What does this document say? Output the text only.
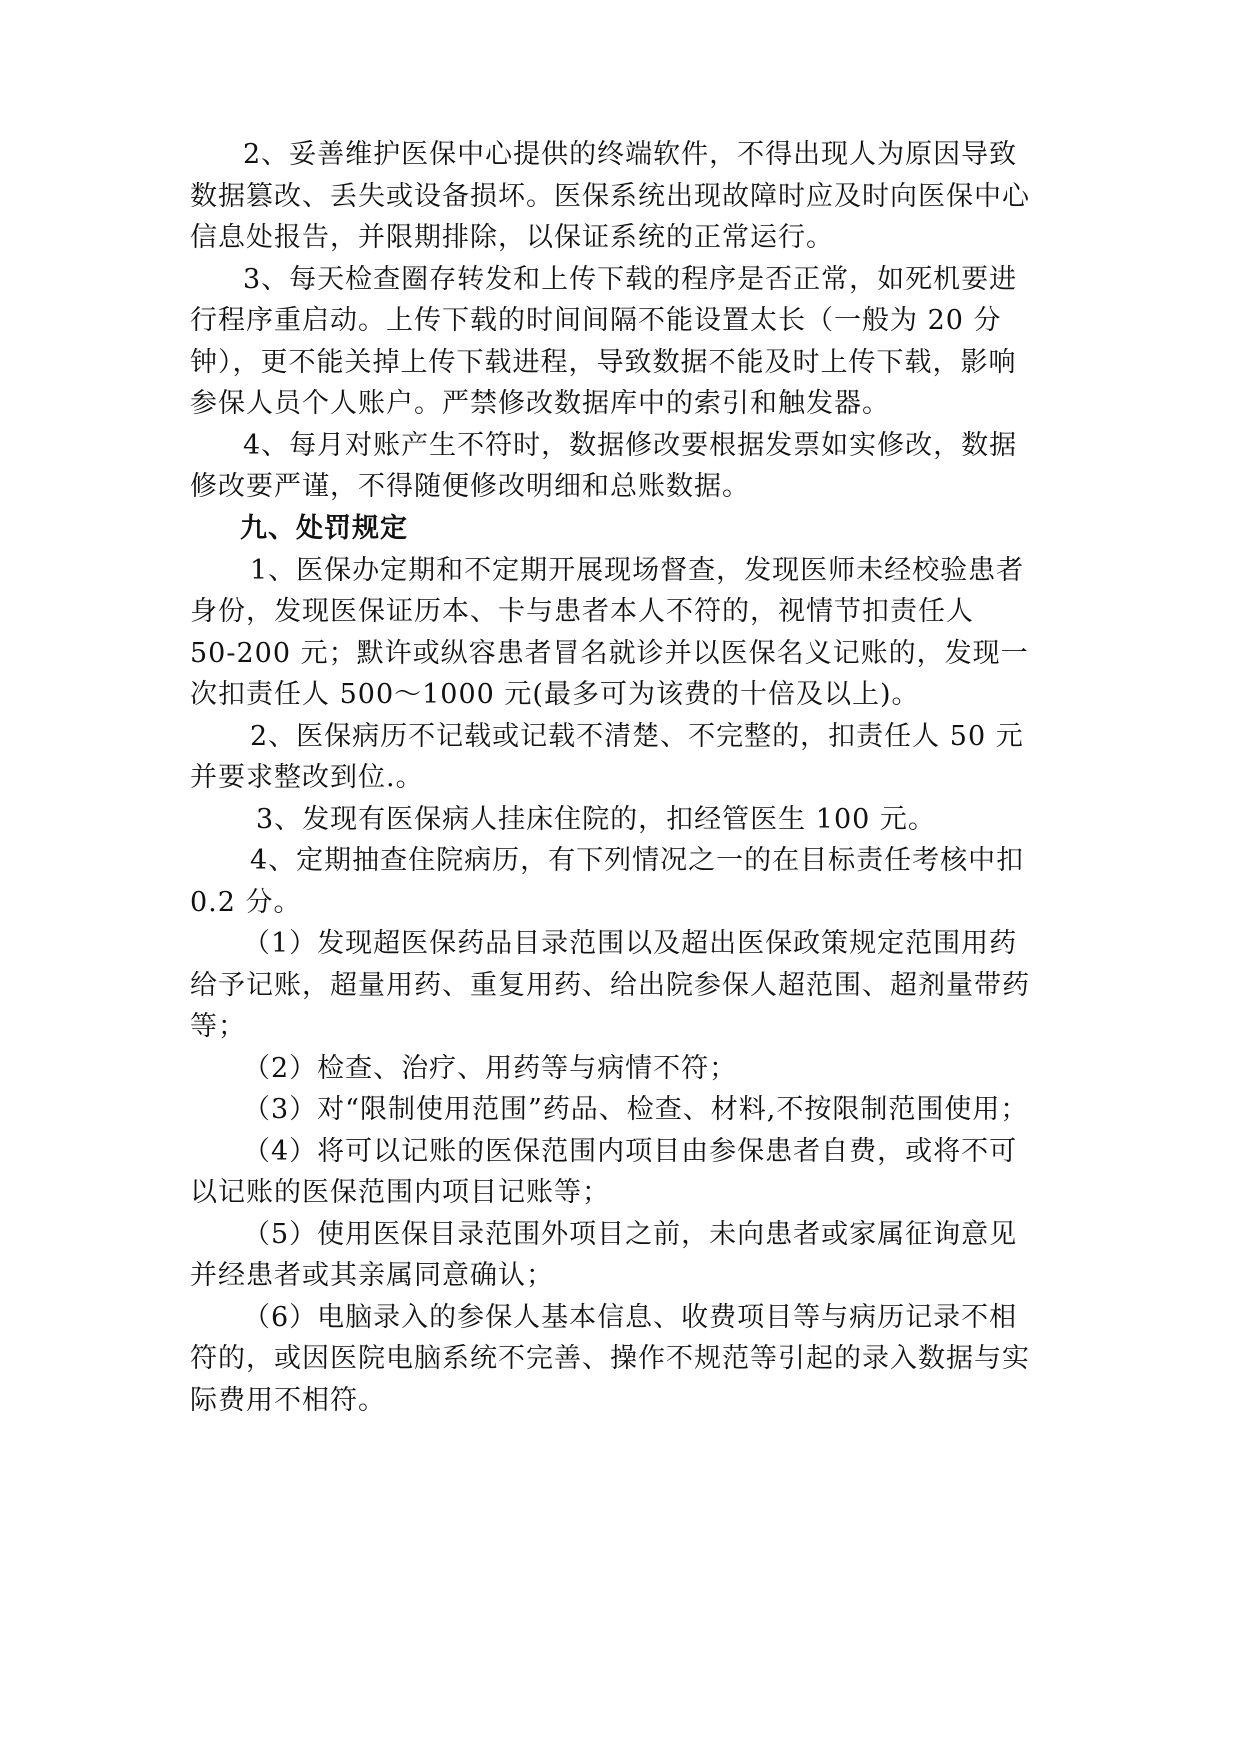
2、妥善维护医保中心提供的终端软件，不得出现人为原因导致
数据篡改、丢失或设备损坏。医保系统出现故障时应及时向医保中心
信息处报告，并限期排除，以保证系统的正常运行。
3、每天检查圈存转发和上传下载的程序是否正常，如死机要进
行程序重启动。上传下载的时间间隔不能设置太长（一般为 20 分
钟），更不能关掉上传下载进程，导致数据不能及时上传下载，影响
参保人员个人账户。严禁修改数据库中的索引和触发器。
4、每月对账产生不符时，数据修改要根据发票如实修改，数据
修改要严谨，不得随便修改明细和总账数据。
九、处罚规定
1、医保办定期和不定期开展现场督查，发现医师未经校验患者
身份，发现医保证历本、卡与患者本人不符的，视情节扣责任人
50-200 元；默许或纵容患者冒名就诊并以医保名义记账的，发现一
次扣责任人 500～1000 元(最多可为该费的十倍及以上)。
2、医保病历不记载或记载不清楚、不完整的，扣责任人 50 元
并要求整改到位.。
3、发现有医保病人挂床住院的，扣经管医生 100 元。
4、定期抽查住院病历，有下列情况之一的在目标责任考核中扣
0.2 分。
（1）发现超医保药品目录范围以及超出医保政策规定范围用药
给予记账，超量用药、重复用药、给出院参保人超范围、超剂量带药
等；
（2）检查、治疗、用药等与病情不符；
（3）对“限制使用范围”药品、检查、材料,不按限制范围使用；
（4）将可以记账的医保范围内项目由参保患者自费，或将不可
以记账的医保范围内项目记账等；
（5）使用医保目录范围外项目之前，未向患者或家属征询意见
并经患者或其亲属同意确认；
（6）电脑录入的参保人基本信息、收费项目等与病历记录不相
符的，或因医院电脑系统不完善、操作不规范等引起的录入数据与实
际费用不相符。
